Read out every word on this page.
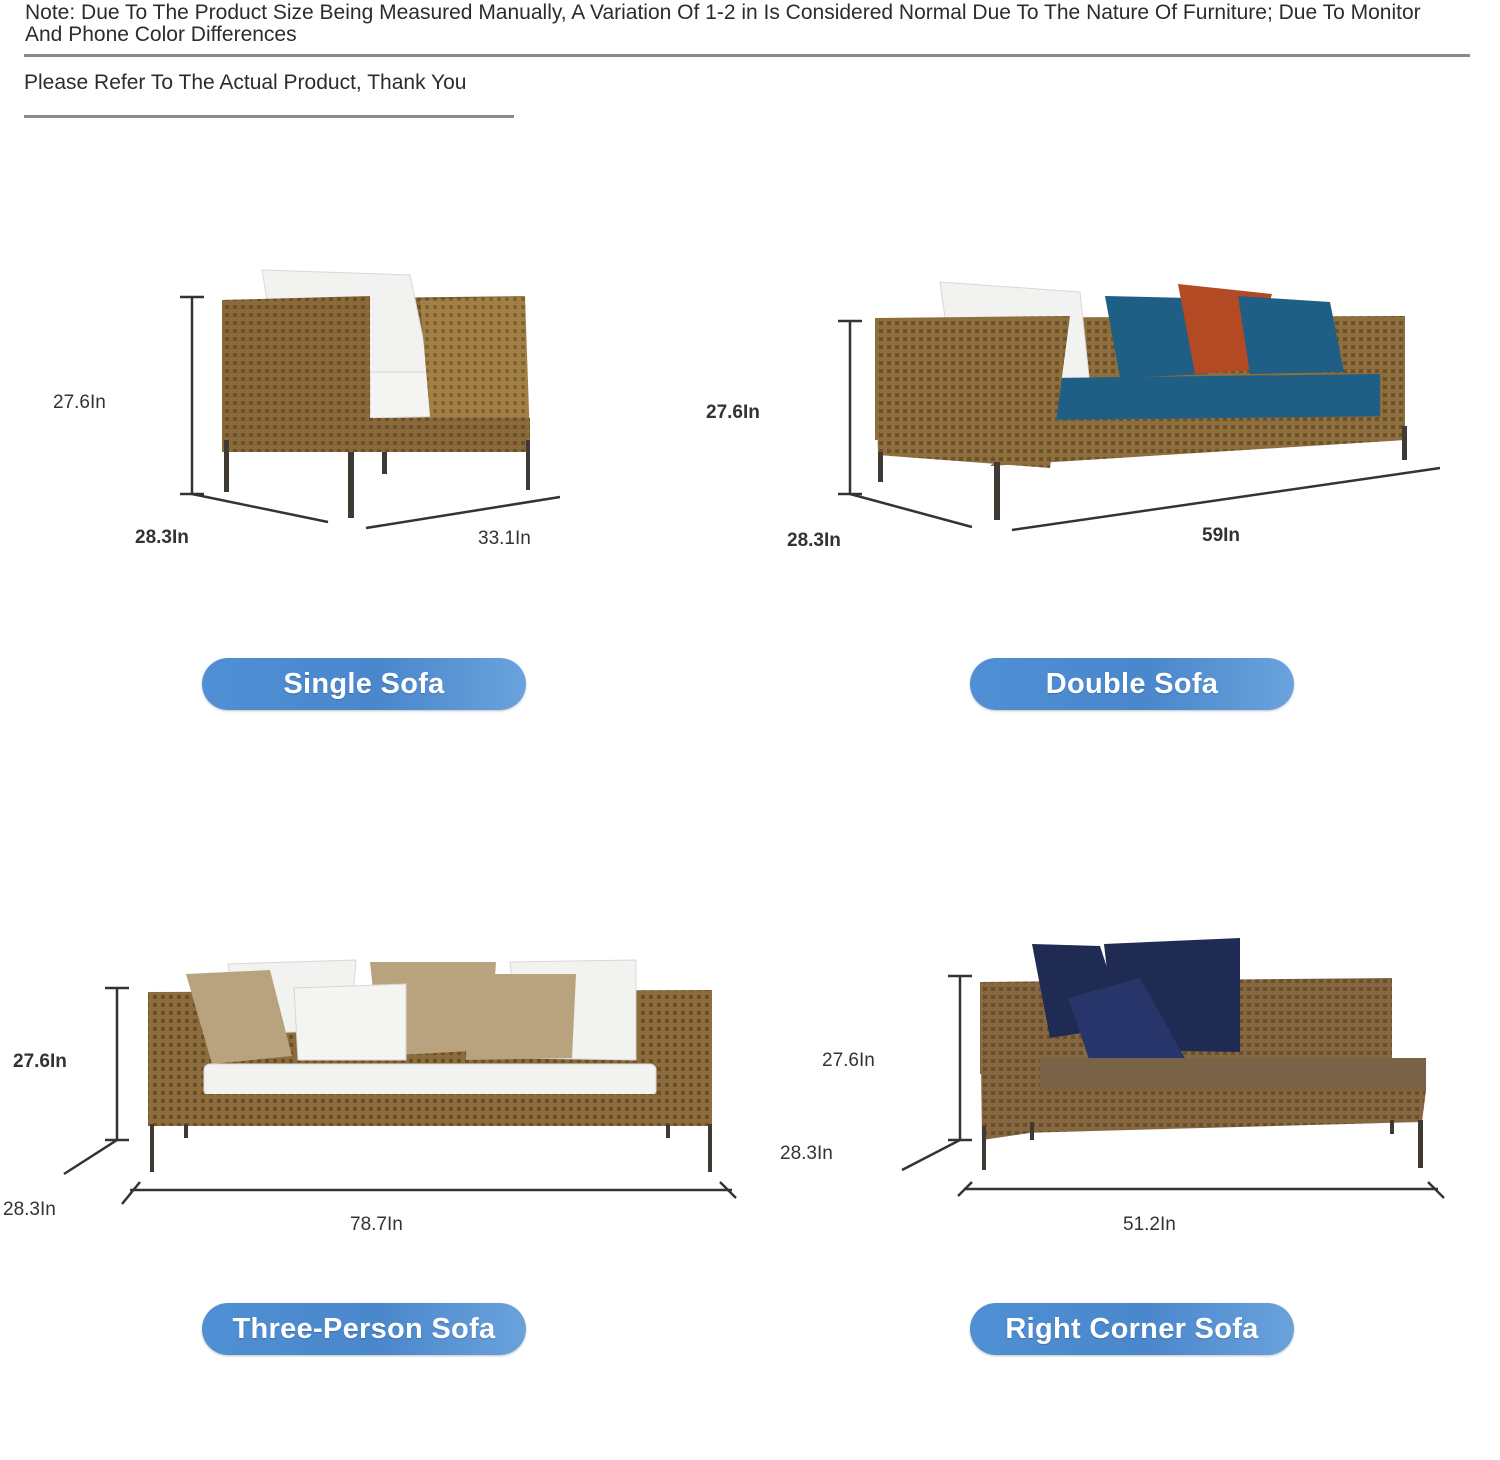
Note: Due To The Product Size Being Measured Manually, A Variation Of 1-2 in Is Considered Normal Due To The Nature Of Furniture; Due To Monitor And Phone Color Differences
Please Refer To The Actual Product, Thank You
27.6In
28.3In	33.1In
Single Sofa
27.6In
28.3In	59In
Double Sofa
27.6In
28.3In
78.7In
Three-Person Sofa
27.6In
28.3In
51.2In
Right Corner Sofa
